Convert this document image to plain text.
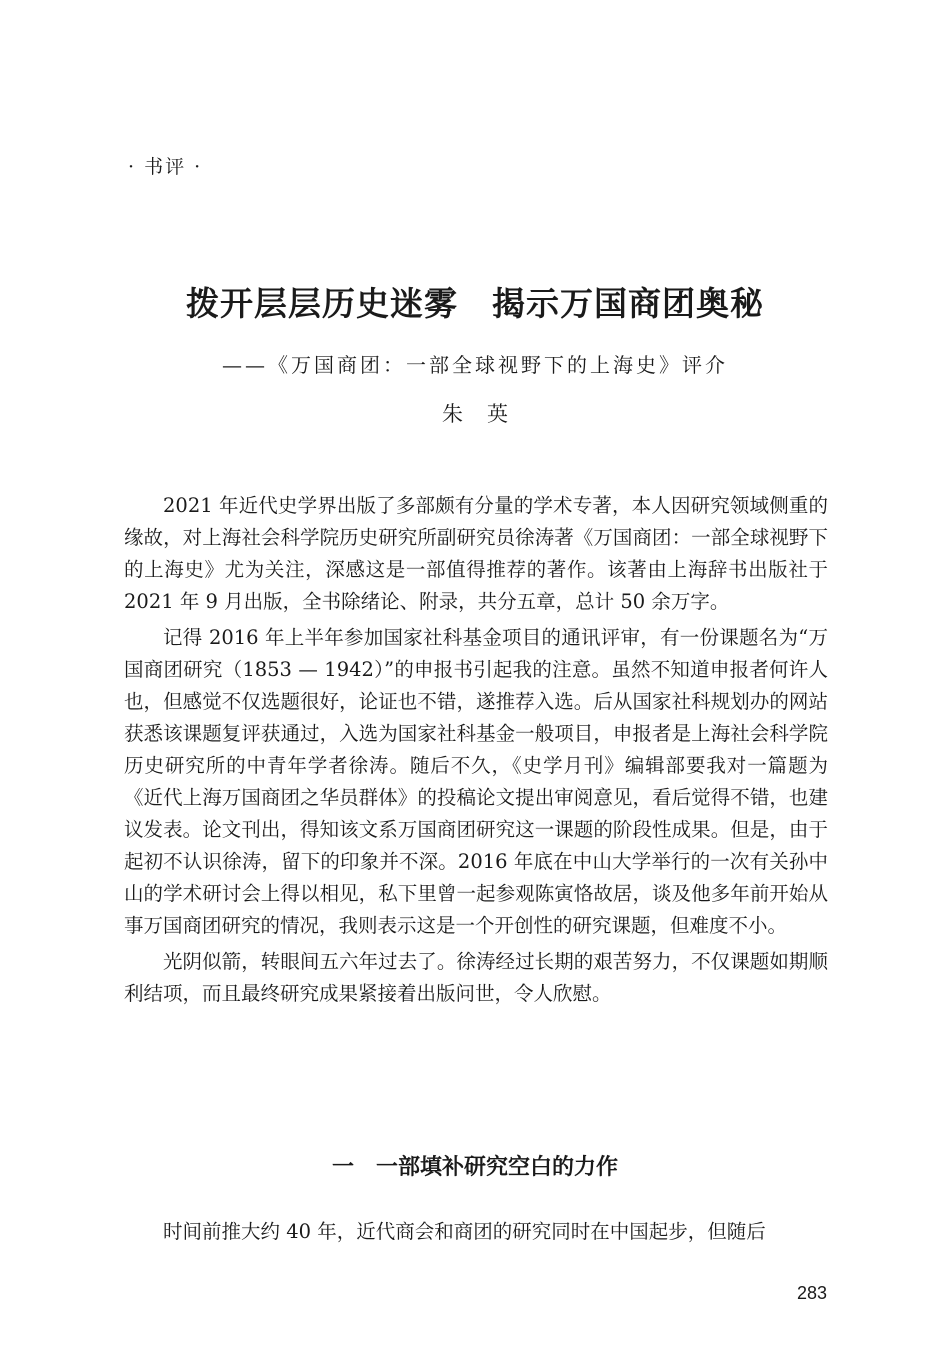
· 书评 ·
拨开层层历史迷雾　揭示万国商团奥秘
——《万国商团：一部全球视野下的上海史》评介
朱英

2021 年近代史学界出版了多部颇有分量的学术专著，本人因研究领域侧重的缘故，对上海社会科学院历史研究所副研究员徐涛著《万国商团：一部全球视野下的上海史》尤为关注，深感这是一部值得推荐的著作。该著由上海辞书出版社于 2021 年 9 月出版，全书除绪论、附录，共分五章，总计 50 余万字。

记得 2016 年上半年参加国家社科基金项目的通讯评审，有一份课题名为“万国商团研究（1853 — 1942）”的申报书引起我的注意。虽然不知道申报者何许人也，但感觉不仅选题很好，论证也不错，遂推荐入选。后从国家社科规划办的网站获悉该课题复评获通过，入选为国家社科基金一般项目，申报者是上海社会科学院历史研究所的中青年学者徐涛。随后不久，《史学月刊》编辑部要我对一篇题为《近代上海万国商团之华员群体》的投稿论文提出审阅意见，看后觉得不错，也建议发表。论文刊出，得知该文系万国商团研究这一课题的阶段性成果。但是，由于起初不认识徐涛，留下的印象并不深。2016 年底在中山大学举行的一次有关孙中山的学术研讨会上得以相见，私下里曾一起参观陈寅恪故居，谈及他多年前开始从事万国商团研究的情况，我则表示这是一个开创性的研究课题，但难度不小。

光阴似箭，转眼间五六年过去了。徐涛经过长期的艰苦努力，不仅课题如期顺利结项，而且最终研究成果紧接着出版问世，令人欣慰。

一　一部填补研究空白的力作

时间前推大约 40 年，近代商会和商团的研究同时在中国起步，但随后

283
